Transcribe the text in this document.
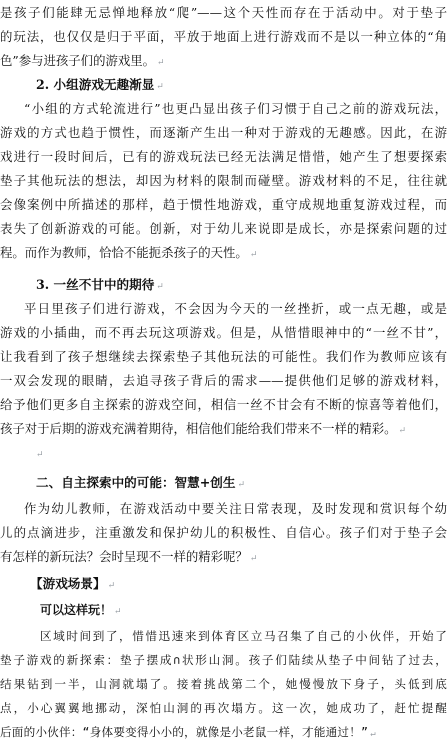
是孩子们能肆无忌惮地释放“爬”——这个天性而存在于活动中。对于垫子
的玩法，也仅仅是归于平面，平放于地面上进行游戏而不是以一种立体的“角
色”参与进孩子们的游戏里。 ↵
2. 小组游戏无趣渐显 ↵
“小组的方式轮流进行”也更凸显出孩子们习惯于自己之前的游戏玩法，
游戏的方式也趋于惯性，而逐渐产生出一种对于游戏的无趣感。因此，在游
戏进行一段时间后，已有的游戏玩法已经无法满足惜惜，她产生了想要探索
垫子其他玩法的想法，却因为材料的限制而碰壁。游戏材料的不足，往往就
会像案例中所描述的那样，趋于惯性地游戏，重守成规地重复游戏过程，而
表失了创新游戏的可能。创新，对于幼儿来说即是成长，亦是探索问题的过
程。而作为教师，恰恰不能扼杀孩子的天性。 ↵
3. 一丝不甘中的期待 ↵
平日里孩子们进行游戏，不会因为今天的一丝挫折，或一点无趣，或是
游戏的小插曲，而不再去玩这项游戏。但是，从惜惜眼神中的“一丝不甘”，
让我看到了孩子想继续去探索垫子其他玩法的可能性。我们作为教师应该有
一双会发现的眼睛，去追寻孩子背后的需求——提供他们足够的游戏材料，
给予他们更多自主探索的游戏空间，相信一丝不甘会有不断的惊喜等着他们，
孩子对于后期的游戏充满着期待，相信他们能给我们带来不一样的精彩。 ↵
↵
二、自主探索中的可能：智慧+创生 ↵
作为幼儿教师，在游戏活动中要关注日常表现，及时发现和赏识每个幼
儿的点滴进步，注重激发和保护幼儿的积极性、自信心。孩子们对于垫子会
有怎样的新玩法？会时呈现不一样的精彩呢？ ↵
【游戏场景】 ↵
可以这样玩！ ↵
区域时间到了，惜惜迅速来到体育区立马召集了自己的小伙伴，开始了
垫子游戏的新探索：垫子摆成∩状形山洞。孩子们陆续从垫子中间钻了过去，
结果钻到一半，山洞就塌了。接着挑战第二个，她慢慢放下身子，头低到底
点，小心翼翼地挪动，深怕山洞的再次塌方。这一次，她成功了，赶忙提醒
后面的小伙伴：“身体要变得小小的，就像是小老鼠一样，才能通过！” ↵
